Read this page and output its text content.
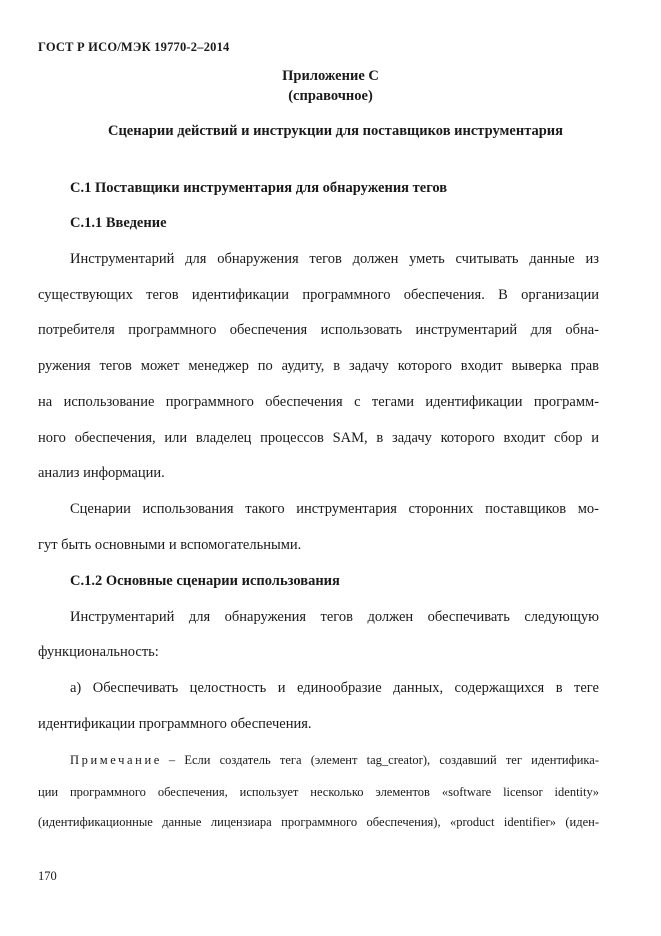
ГОСТ Р ИСО/МЭК 19770-2–2014
Приложение С
(справочное)
Сценарии действий и инструкции для поставщиков инструментария
С.1 Поставщики инструментария для обнаружения тегов
С.1.1 Введение
Инструментарий для обнаружения тегов должен уметь считывать данные из
существующих тегов идентификации программного обеспечения. В организации
потребителя программного обеспечения использовать инструментарий для обна-
ружения тегов может менеджер по аудиту, в задачу которого входит выверка прав
на использование программного обеспечения с тегами идентификации программ-
ного обеспечения, или владелец процессов SAM, в задачу которого входит сбор и
анализ информации.
Сценарии использования такого инструментария сторонних поставщиков мо-
гут быть основными и вспомогательными.
С.1.2 Основные сценарии использования
Инструментарий для обнаружения тегов должен обеспечивать следующую
функциональность:
а) Обеспечивать целостность и единообразие данных, содержащихся в теге
идентификации программного обеспечения.
Примечание – Если создатель тега (элемент tag_creator), создавший тег идентифика-
ции программного обеспечения, использует несколько элементов «software licensor identity»
(идентификационные данные лицензиара программного обеспечения), «product identifier» (иден-
170
